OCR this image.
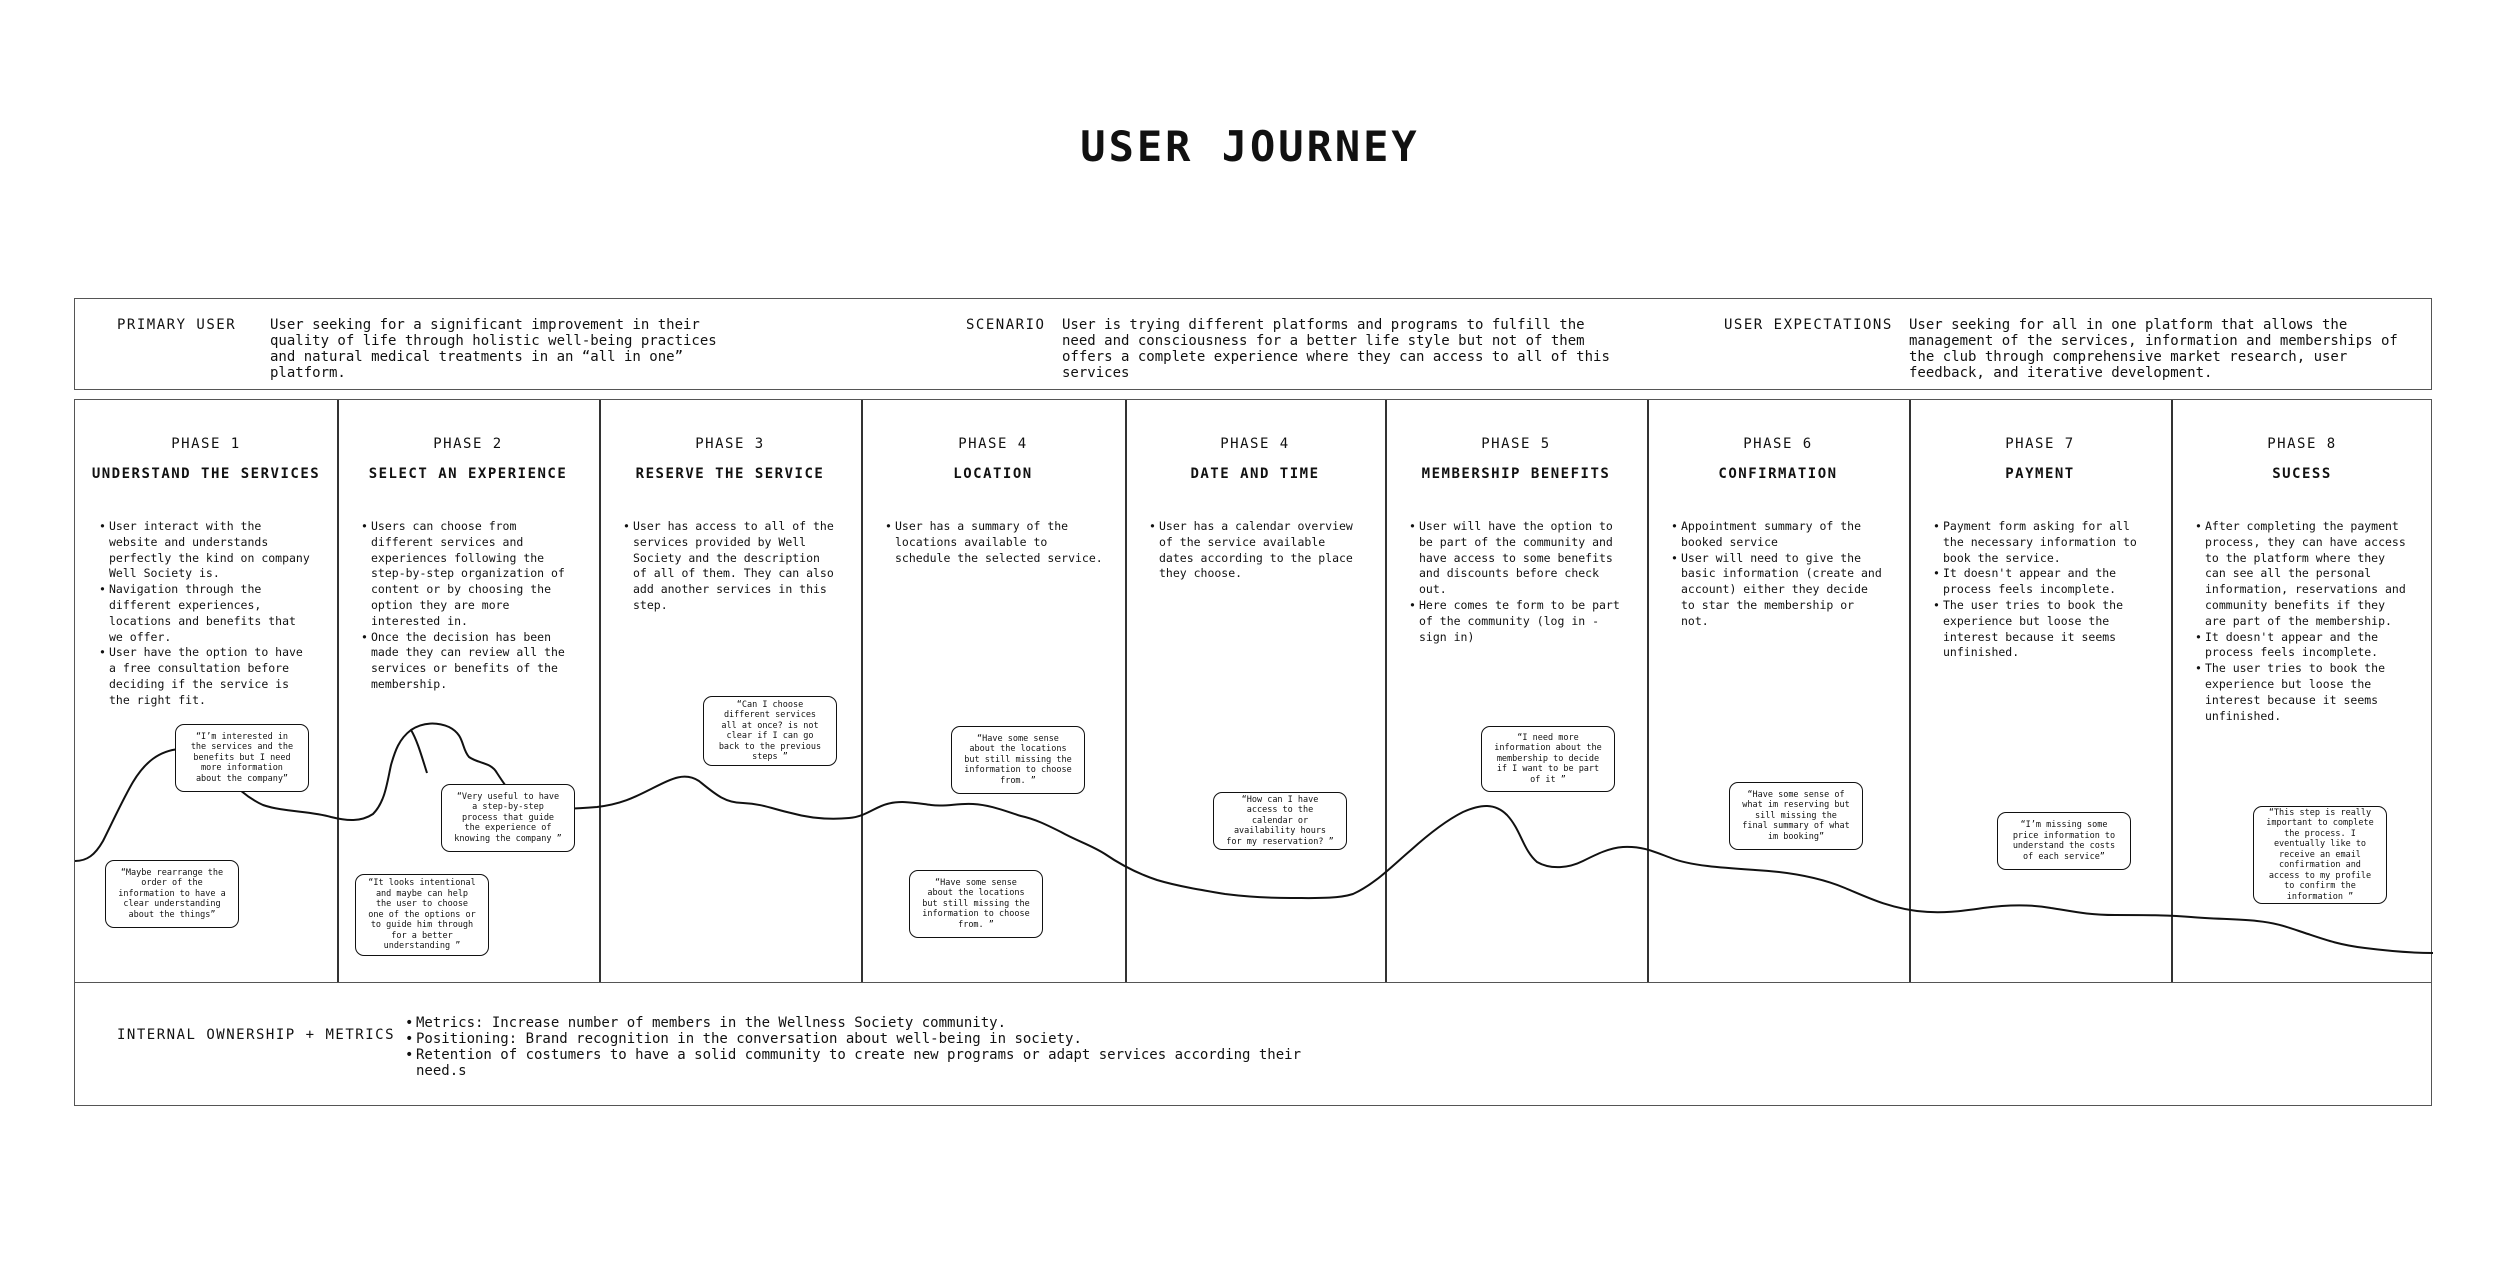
USER JOURNEY
PRIMARY USER User seeking for a significant improvement in their quality of life through holistic well-being practices and natural medical treatments in an “all in one” platform.
SCENARIO User is trying different platforms and programs to fulfill the need and consciousness for a better life style but not of them offers a complete experience where they can access to all of this services
USER EXPECTATIONS User seeking for all in one platform that allows the management of the services, information and memberships of the club through comprehensive market research, user feedback, and iterative development.
PHASE 1
UNDERSTAND THE SERVICES
• User interact with the website and understands perfectly the kind on company Well Society is.
• Navigation through the different experiences, locations and benefits that we offer.
• User have the option to have a free consultation before deciding if the service is the right fit.
PHASE 2
SELECT AN EXPERIENCE
• Users can choose from different services and experiences following the step-by-step organization of content or by choosing the option they are more interested in.
• Once the decision has been made they can review all the services or benefits of the membership.
PHASE 3
RESERVE THE SERVICE
• User has access to all of the services provided by Well Society and the description of all of them. They can also add another services in this step.
PHASE 4
LOCATION
• User has a summary of the locations available to schedule the selected service.
PHASE 4
DATE AND TIME
• User has a calendar overview of the service available dates according to the place they choose.
PHASE 5
MEMBERSHIP BENEFITS
• User will have the option to be part of the community and have access to some benefits and discounts before check out.
• Here comes te form to be part of the community (log in - sign in)
PHASE 6
CONFIRMATION
• Appointment summary of the booked service
• User will need to give the basic information (create and account) either they decide to star the membership or not.
PHASE 7
PAYMENT
• Payment form asking for all the necessary information to book the service.
• It doesn't appear and the process feels incomplete.
• The user tries to book the experience but loose the interest because it seems unfinished.
PHASE 8
SUCESS
• After completing the payment process, they can have access to the platform where they can see all the personal information, reservations and community benefits if they are part of the membership.
• It doesn't appear and the process feels incomplete.
• The user tries to book the experience but loose the interest because it seems unfinished.
“I’m interested in the services and the benefits but I need more information about the company”
“Maybe rearrange the order of the information to have a clear understanding about the things”
“Very useful to have a step-by-step process that guide the experience of knowing the company ”
“It looks intentional and maybe can help the user to choose one of the options or to guide him through for a better understanding ”
“Can I choose different services all at once? is not clear if I can go back to the previous steps ”
“Have some sense about the locations but still missing the information to choose from. ”
“Have some sense about the locations but still missing the information to choose from. ”
“How can I have access to the calendar or availability hours for my reservation? ”
“I need more information about the membership to decide if I want to be part of it ”
“Have some sense of what im reserving but sill missing the final summary of what im booking”
“I’m missing some price information to understand the costs of each service”
“This step is really important to complete the process. I eventually like to receive an email confirmation and access to my profile to confirm the information ”
INTERNAL OWNERSHIP + METRICS
• Metrics: Increase number of members in the Wellness Society community.
• Positioning: Brand recognition in the conversation about well-being in society.
• Retention of costumers to have a solid community to create new programs or adapt services according their need.s
